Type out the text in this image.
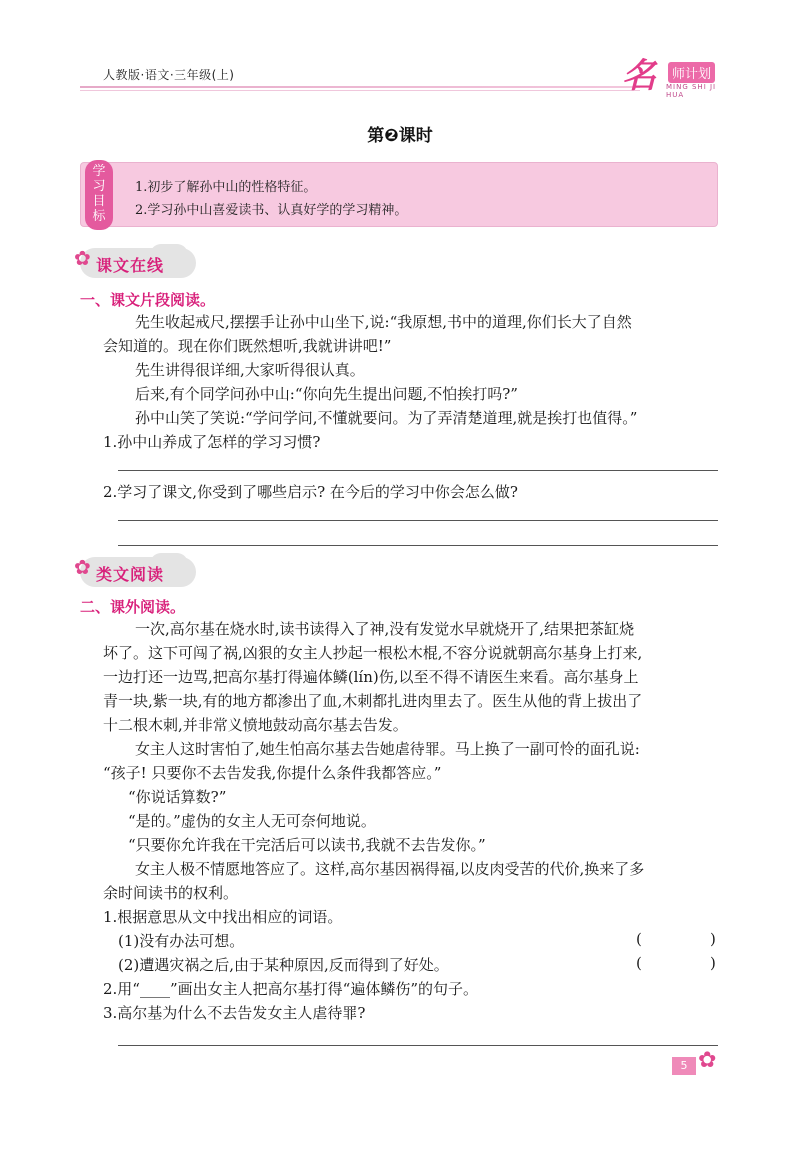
人教版·语文·三年级(上)	名	师计划
MING SHI JI HUA
第❷课时
学
习
目
标
1.初步了解孙中山的性格特征。
2.学习孙中山喜爱读书、认真好学的学习精神。
✿ 课文在线
一、课文片段阅读。
先生收起戒尺,摆摆手让孙中山坐下,说:“我原想,书中的道理,你们长大了自然
会知道的。现在你们既然想听,我就讲讲吧!”
先生讲得很详细,大家听得很认真。
后来,有个同学问孙中山:“你向先生提出问题,不怕挨打吗?”
孙中山笑了笑说:“学问学问,不懂就要问。为了弄清楚道理,就是挨打也值得。”
1.孙中山养成了怎样的学习习惯?
2.学习了课文,你受到了哪些启示? 在今后的学习中你会怎么做?
✿ 类文阅读
二、课外阅读。
一次,高尔基在烧水时,读书读得入了神,没有发觉水早就烧开了,结果把茶缸烧
坏了。这下可闯了祸,凶狠的女主人抄起一根松木棍,不容分说就朝高尔基身上打来,
一边打还一边骂,把高尔基打得遍体鳞(lín)伤,以至不得不请医生来看。高尔基身上
青一块,紫一块,有的地方都渗出了血,木刺都扎进肉里去了。医生从他的背上拔出了
十二根木刺,并非常义愤地鼓动高尔基去告发。
女主人这时害怕了,她生怕高尔基去告她虐待罪。马上换了一副可怜的面孔说:
“孩子! 只要你不去告发我,你提什么条件我都答应。”
“你说话算数?”
“是的。”虚伪的女主人无可奈何地说。
“只要你允许我在干完活后可以读书,我就不去告发你。”
女主人极不情愿地答应了。这样,高尔基因祸得福,以皮肉受苦的代价,换来了多
余时间读书的权利。
1.根据意思从文中找出相应的词语。
(1)没有办法可想。	(	)
(2)遭遇灾祸之后,由于某种原因,反而得到了好处。	(	)
2.用“____”画出女主人把高尔基打得“遍体鳞伤”的句子。
3.高尔基为什么不去告发女主人虐待罪?
5 ✿
